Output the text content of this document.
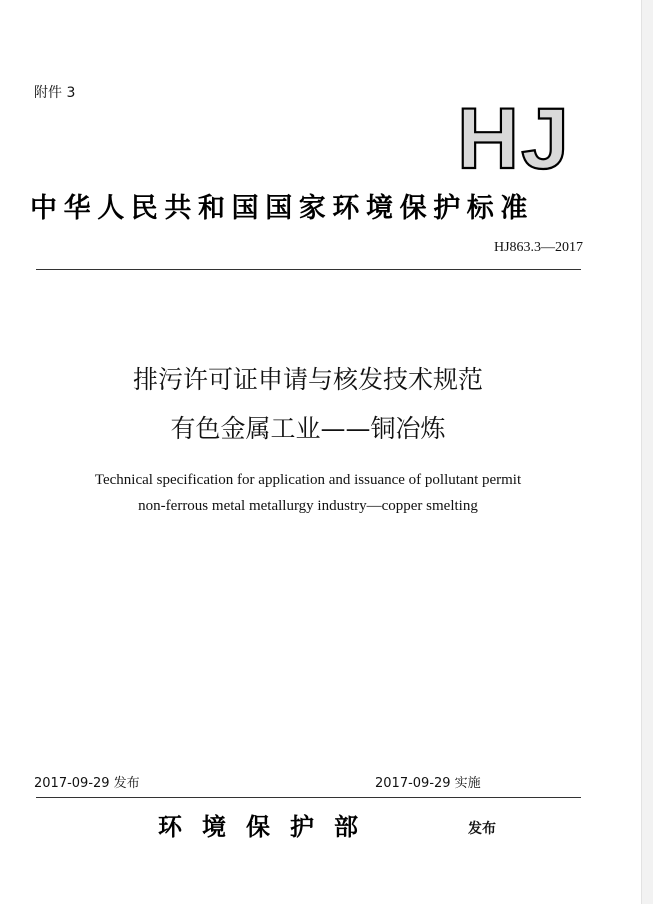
附件 3	HJ
中华人民共和国国家环境保护标准
HJ863.3—2017
排污许可证申请与核发技术规范
有色金属工业——铜冶炼
Technical specification for application and issuance of pollutant permit
non-ferrous metal metallurgy industry—copper smelting
2017-09-29 发布	2017-09-29 实施
环境保护部	发布
